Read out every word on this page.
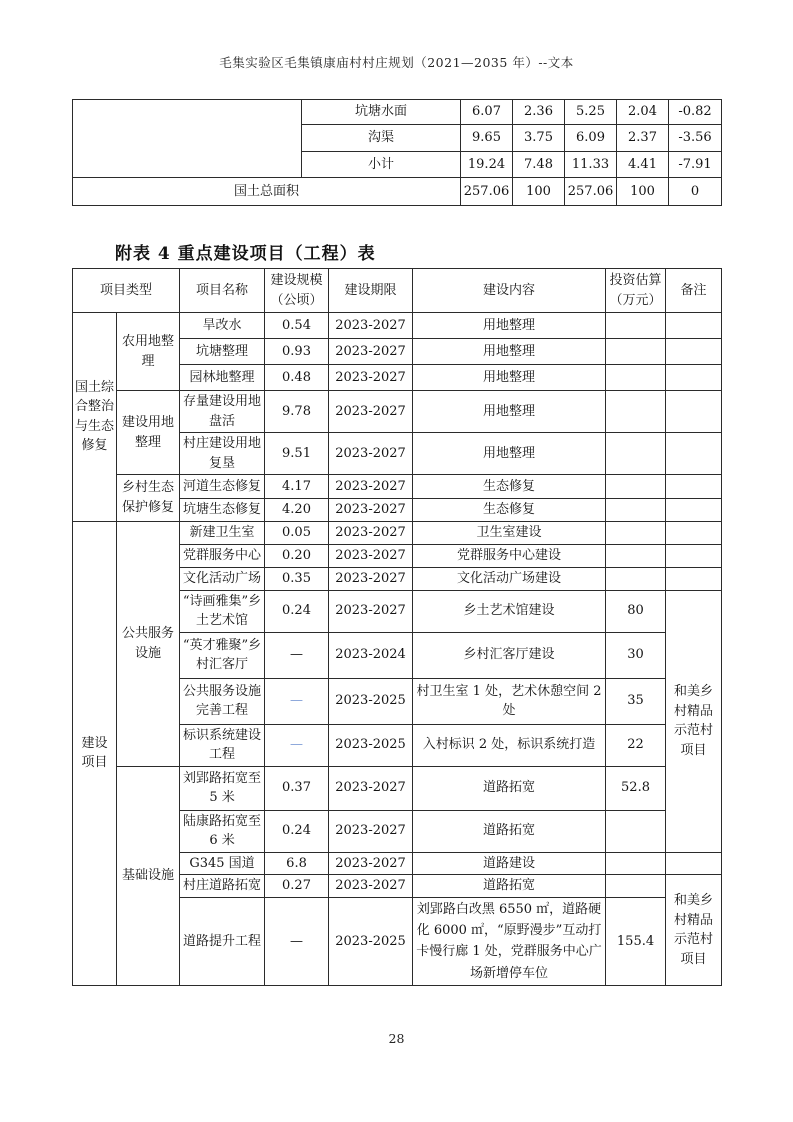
毛集实验区毛集镇康庙村村庄规划（2021—2035 年）--文本
	坑塘水面	6.07	2.36	5.25	2.04	-0.82
	沟渠	9.65	3.75	6.09	2.37	-3.56
	小计	19.24	7.48	11.33	4.41	-7.91
国土总面积		257.06	100	257.06	100	0
附表 4 重点建设项目（工程）表
项目类型		项目名称	建设规模（公顷）	建设期限	建设内容	投资估算（万元）	备注
国土综合整治与生态修复	农用地整理	旱改水	0.54	2023-2027	用地整理		
		坑塘整理	0.93	2023-2027	用地整理		
		园林地整理	0.48	2023-2027	用地整理		
	建设用地整理	存量建设用地盘活	9.78	2023-2027	用地整理		
		村庄建设用地复垦	9.51	2023-2027	用地整理		
	乡村生态保护修复	河道生态修复	4.17	2023-2027	生态修复		
		坑塘生态修复	4.20	2023-2027	生态修复		
建设项目	公共服务设施	新建卫生室	0.05	2023-2027	卫生室建设		
		党群服务中心	0.20	2023-2027	党群服务中心建设		
		文化活动广场	0.35	2023-2027	文化活动广场建设		
		“诗画雅集”乡土艺术馆	0.24	2023-2027	乡土艺术馆建设	80	和美乡村精品示范村项目
		“英才雅聚”乡村汇客厅	—	2023-2024	乡村汇客厅建设	30	
		公共服务设施完善工程	—	2023-2025	村卫生室 1 处，艺术休憩空间 2 处	35	
		标识系统建设工程	—	2023-2025	入村标识 2 处，标识系统打造	22	
	基础设施	刘郢路拓宽至 5 米	0.37	2023-2027	道路拓宽	52.8	
		陆康路拓宽至 6 米	0.24	2023-2027	道路拓宽		
		G345 国道	6.8	2023-2027	道路建设		
		村庄道路拓宽	0.27	2023-2027	道路拓宽		和美乡村精品示范村项目
		道路提升工程	—	2023-2025	刘郢路白改黑 6550 ㎡，道路硬化 6000 ㎡，“原野漫步”互动打卡慢行廊 1 处，党群服务中心广场新增停车位	155.4	
28
